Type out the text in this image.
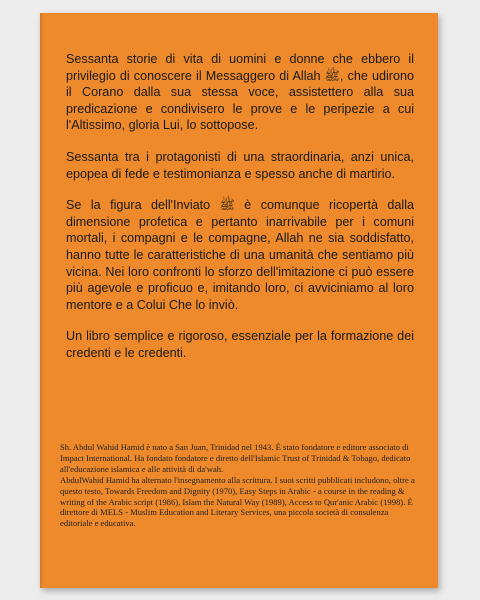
Sessanta storie di vita di uomini e donne che ebbero il privilegio di conoscere il Messaggero di Allah ﷺ, che udirono il Corano dalla sua stessa voce, assistettero alla sua predicazione e condivisero le prove e le peripezie a cui l'Altissimo, gloria Lui, lo sottopose.

Sessanta tra i protagonisti di una straordinaria, anzi unica, epopea di fede e testimonianza e spesso anche di martirio.

Se la figura dell'Inviato ﷺ è comunque ricopertà dalla dimensione profetica e pertanto inarrivabile per i comuni mortali, i compagni e le compagne, Allah ne sia soddisfatto, hanno tutte le caratteristiche di una umanità che sentiamo più vicina. Nei loro confronti lo sforzo dell'imitazione ci può essere più agevole e proficuo e, imitando loro, ci avviciniamo al loro mentore e a Colui Che lo inviò.

Un libro semplice e rigoroso, essenziale per la formazione dei credenti e le credenti.

Sh. Abdul Wahid Hamid è nato a San Juan, Trinidad nel 1943. È stato fondatore e editore associato di Impact International. Ha fondato fondatore e diretto dell'Islamic Trust of Trinidad & Tobago, dedicato all'educazione islamica e alle attività di da'wah.

AbdulWahid Hamid ha alternato l'insegnamento alla scrittura. I suoi scritti pubblicati includono, oltre a questo testo, Towards Freedom and Dignity (1970), Easy Steps in Arabic - a course in the reading & writing of the Arabic script (1986), Islam the Natural Way (1989), Access to Qur'anic Arabic (1998). È direttore di MELS - Muslim Education and Literary Services, una piccola società di consulenza editoriale e educativa.
